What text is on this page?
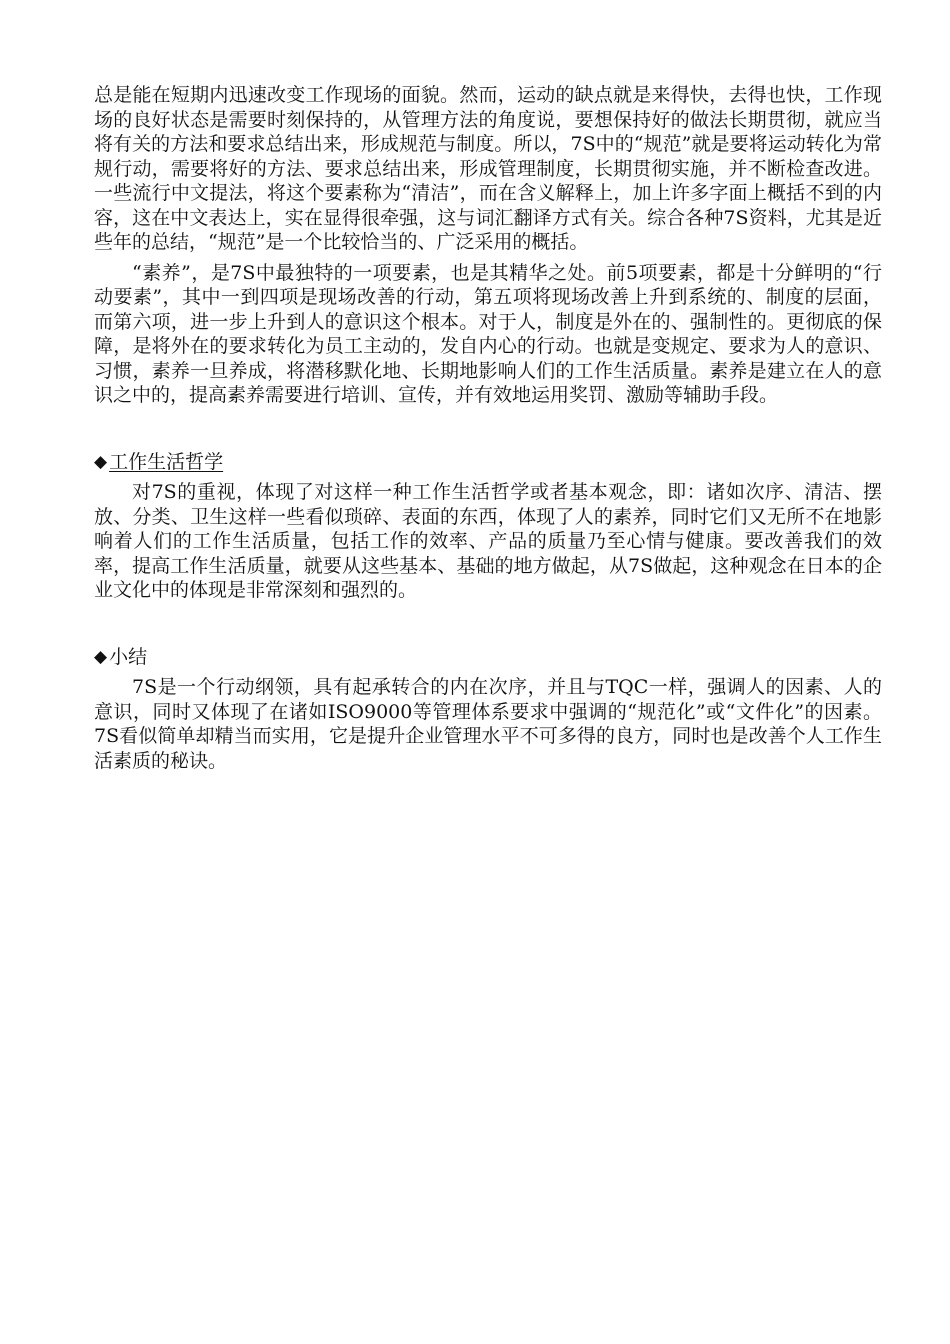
总是能在短期内迅速改变工作现场的面貌。然而，运动的缺点就是来得快，去得也快，工作现场的良好状态是需要时刻保持的，从管理方法的角度说，要想保持好的做法长期贯彻，就应当将有关的方法和要求总结出来，形成规范与制度。所以，7S中的“规范”就是要将运动转化为常规行动，需要将好的方法、要求总结出来，形成管理制度，长期贯彻实施，并不断检查改进。一些流行中文提法，将这个要素称为“清洁”，而在含义解释上，加上许多字面上概括不到的内容，这在中文表达上，实在显得很牵强，这与词汇翻译方式有关。综合各种7S资料，尤其是近些年的总结，“规范”是一个比较恰当的、广泛采用的概括。

“素养”，是7S中最独特的一项要素，也是其精华之处。前5项要素，都是十分鲜明的“行动要素”，其中一到四项是现场改善的行动，第五项将现场改善上升到系统的、制度的层面，而第六项，进一步上升到人的意识这个根本。对于人，制度是外在的、强制性的。更彻底的保障，是将外在的要求转化为员工主动的，发自内心的行动。也就是变规定、要求为人的意识、习惯，素养一旦养成，将潜移默化地、长期地影响人们的工作生活质量。素养是建立在人的意识之中的，提高素养需要进行培训、宣传，并有效地运用奖罚、激励等辅助手段。

◆ 工作生活哲学

对7S的重视，体现了对这样一种工作生活哲学或者基本观念，即：诸如次序、清洁、摆放、分类、卫生这样一些看似琐碎、表面的东西，体现了人的素养，同时它们又无所不在地影响着人们的工作生活质量，包括工作的效率、产品的质量乃至心情与健康。要改善我们的效率，提高工作生活质量，就要从这些基本、基础的地方做起，从7S做起，这种观念在日本的企业文化中的体现是非常深刻和强烈的。

◆ 小结

7S是一个行动纲领，具有起承转合的内在次序，并且与TQC一样，强调人的因素、人的意识，同时又体现了在诸如ISO9000等管理体系要求中强调的“规范化”或“文件化”的因素。7S看似简单却精当而实用，它是提升企业管理水平不可多得的良方，同时也是改善个人工作生活素质的秘诀。
